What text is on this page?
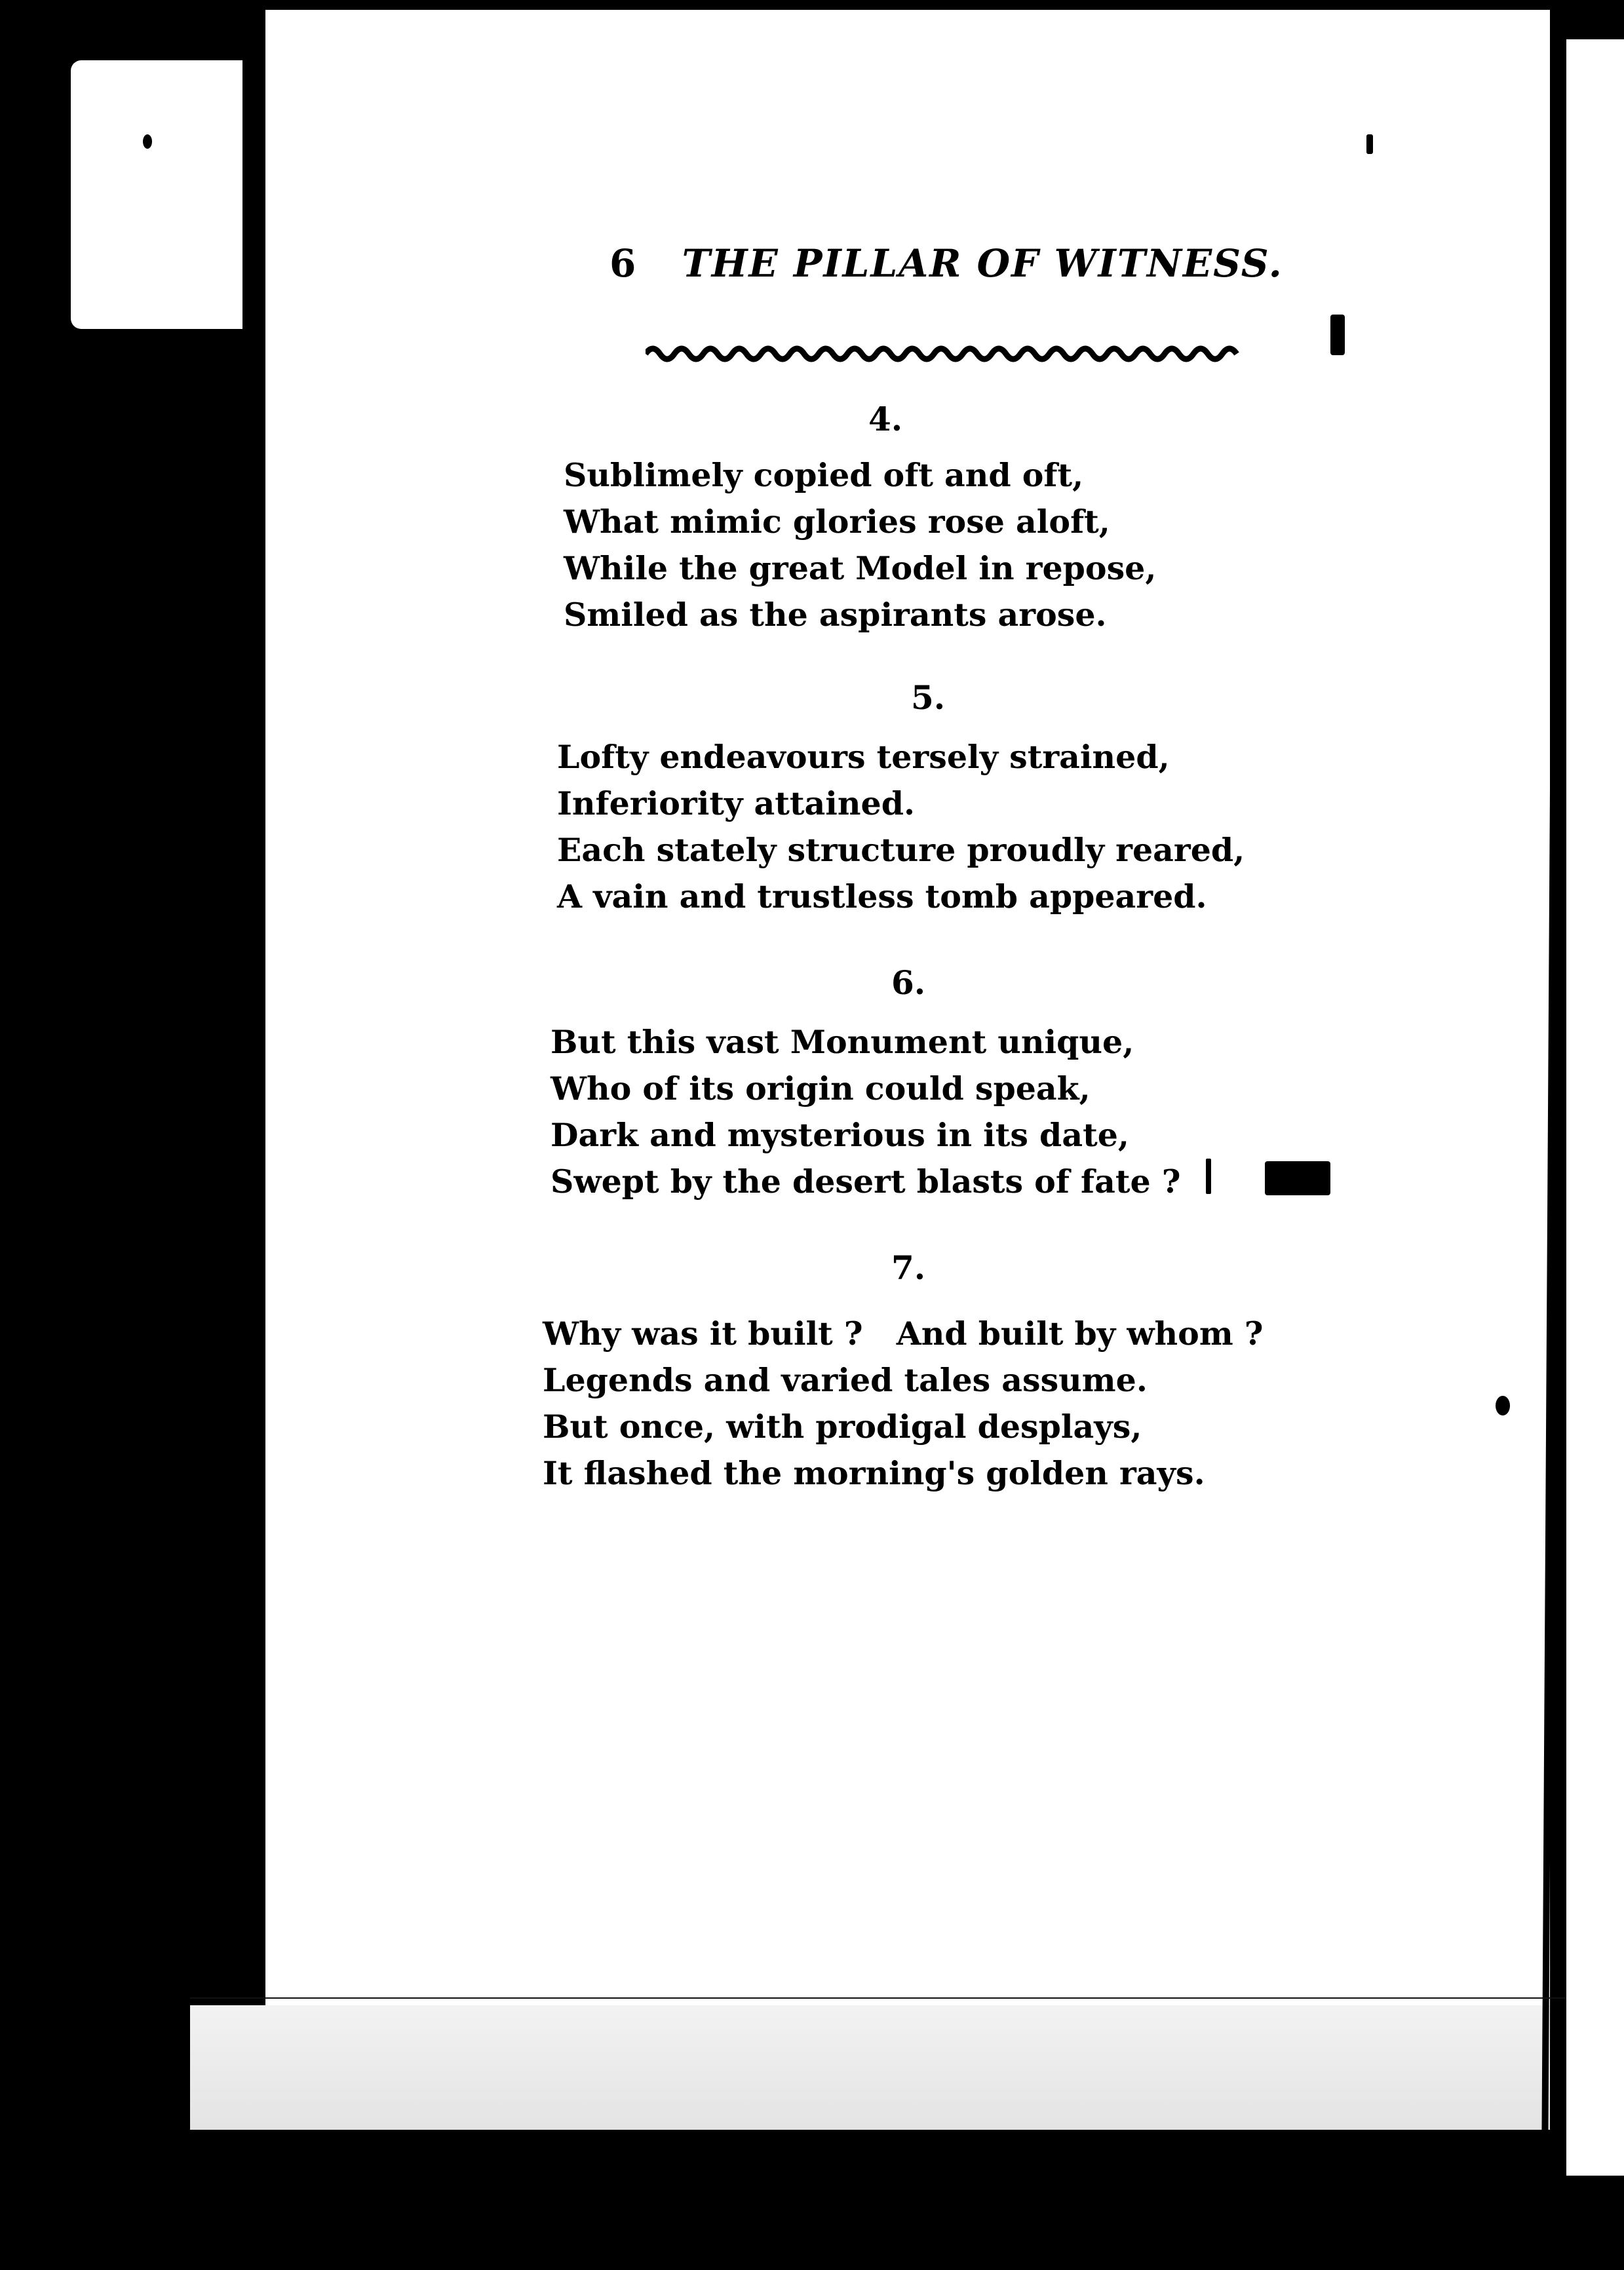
6 THE PILLAR OF WITNESS.
4.
Sublimely copied oft and oft,
What mimic glories rose aloft,
While the great Model in repose,
Smiled as the aspirants arose.
5.
Lofty endeavours tersely strained,
Inferiority attained.
Each stately structure proudly reared,
A vain and trustless tomb appeared.
6.
But this vast Monument unique,
Who of its origin could speak,
Dark and mysterious in its date,
Swept by the desert blasts of fate ?
7.
Why was it built ?   And built by whom ?
Legends and varied tales assume.
But once, with prodigal desplays,
It flashed the morning's golden rays.
